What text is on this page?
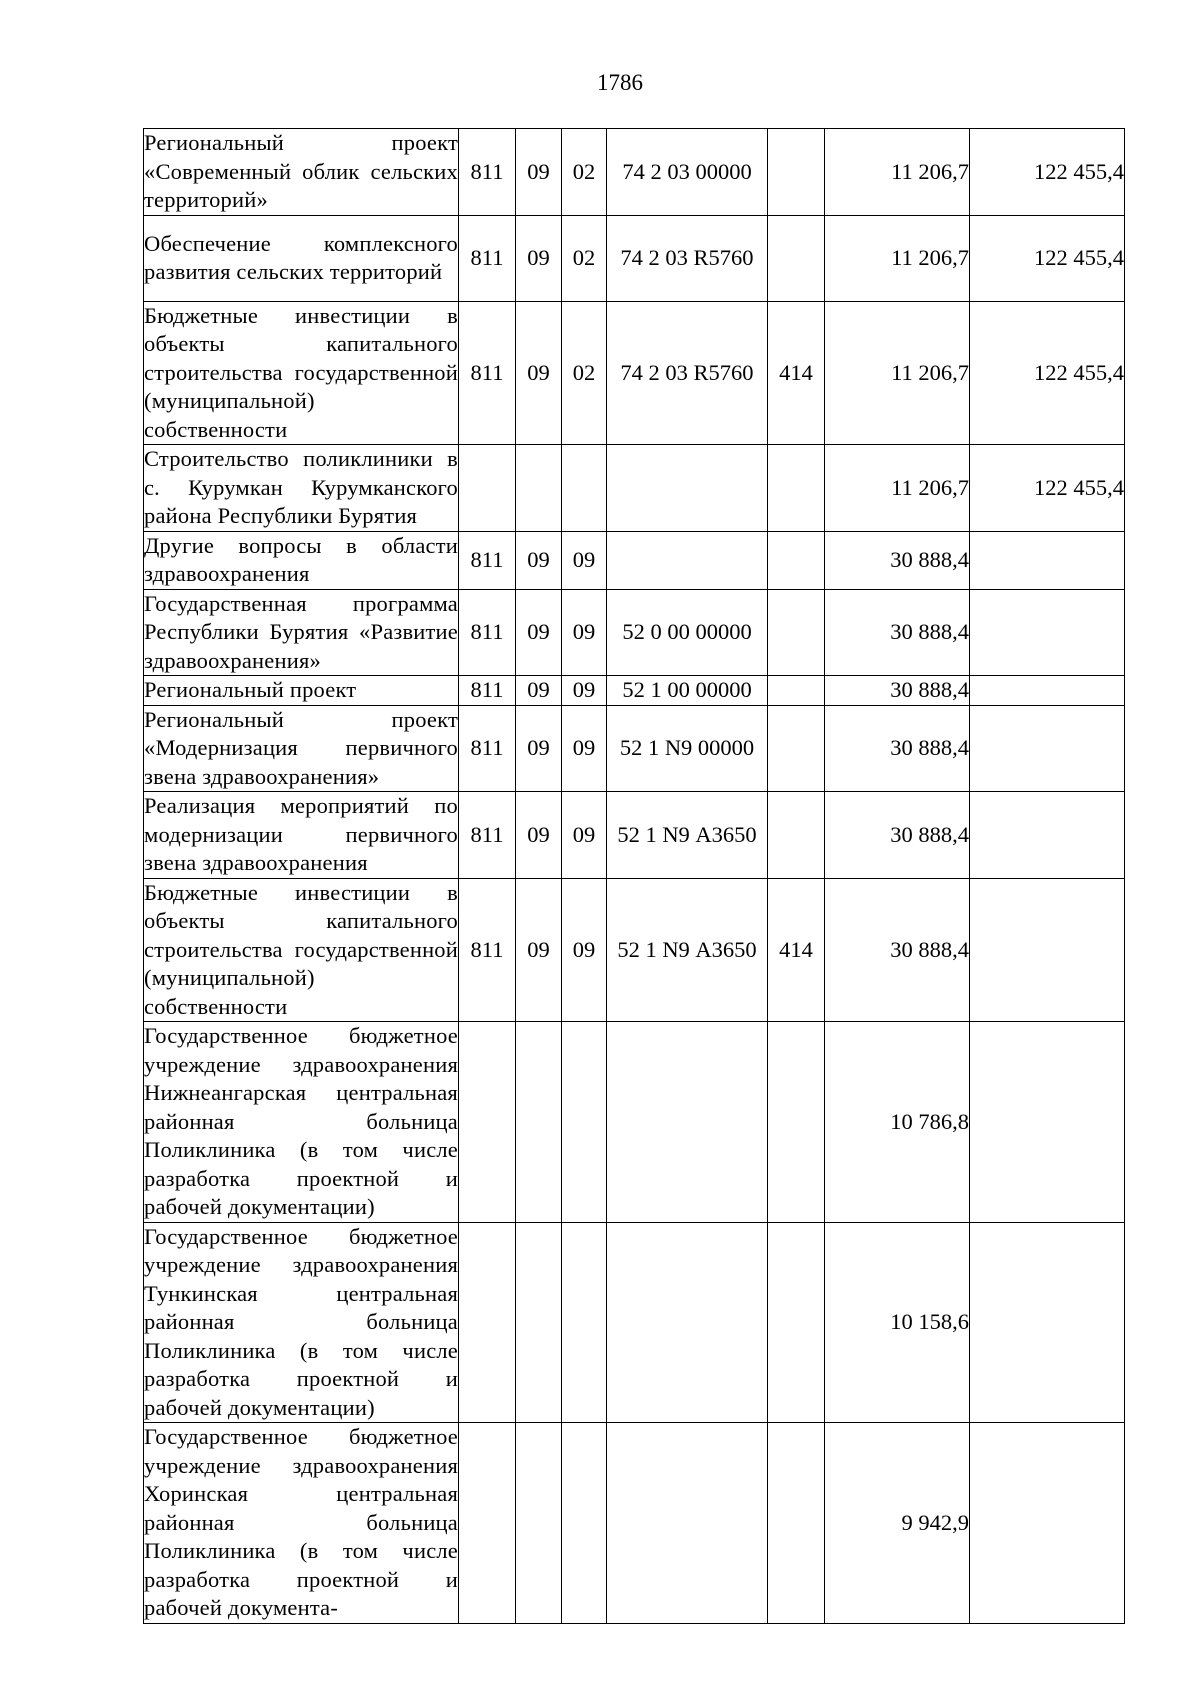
1786
Региональный проект «Современный облик сельских территорий»	811	09	02	74 2 03 00000		11 206,7	122 455,4
Обеспечение комплексного развития сельских территорий	811	09	02	74 2 03 R5760		11 206,7	122 455,4
Бюджетные инвестиции в объекты капитального строительства государственной (муниципальной) собственности	811	09	02	74 2 03 R5760	414	11 206,7	122 455,4
Строительство поликлиники в с. Курумкан Курумканского района Республики Бурятия						11 206,7	122 455,4
Другие вопросы в области здравоохранения	811	09	09			30 888,4	
Государственная программа Республики Бурятия «Развитие здравоохранения»	811	09	09	52 0 00 00000		30 888,4	
Региональный проект	811	09	09	52 1 00 00000		30 888,4	
Региональный проект «Модернизация первичного звена здравоохранения»	811	09	09	52 1 N9 00000		30 888,4	
Реализация мероприятий по модернизации первичного звена здравоохранения	811	09	09	52 1 N9 А3650		30 888,4	
Бюджетные инвестиции в объекты капитального строительства государственной (муниципальной) собственности	811	09	09	52 1 N9 А3650	414	30 888,4	
Государственное бюджетное учреждение здравоохранения Нижнеангарская центральная районная больница Поликлиника (в том числе разработка проектной и рабочей документации)						10 786,8	
Государственное бюджетное учреждение здравоохранения Тункинская центральная районная больница Поликлиника (в том числе разработка проектной и рабочей документации)						10 158,6	
Государственное бюджетное учреждение здравоохранения Хоринская центральная районная больница Поликлиника (в том числе разработка проектной и рабочей документа-						9 942,9	
